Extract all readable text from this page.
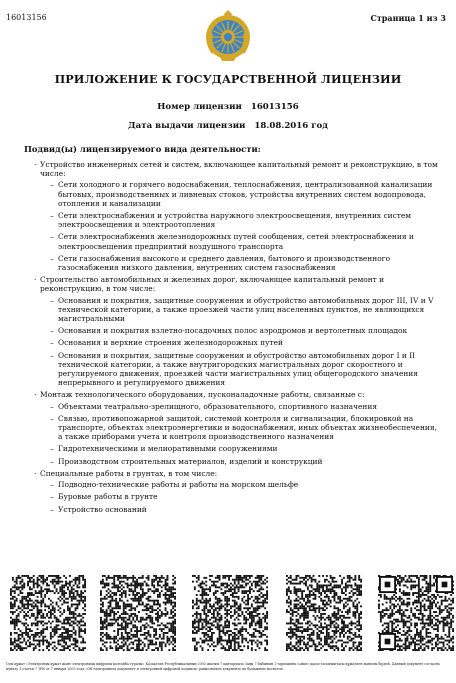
16013156	Страница 1 из 3
ПРИЛОЖЕНИЕ К ГОСУДАРСТВЕННОЙ ЛИЦЕНЗИИ
Номер лицензии 16013156
Дата выдачи лицензии 18.08.2016 год
Подвид(ы) лицензируемого вида деятельности:
· Устройство инженерных сетей и систем, включающее капитальный ремонт и реконструкцию, в том числе:
– Сети холодного и горячего водоснабжения, теплоснабжения, централизованной канализации бытовых, производственных и ливневых стоков, устройства внутренних систем водопровода, отопления и канализации
– Сети электроснабжения и устройства наружного электроосвещения, внутренних систем электроосвещения и электроотопления
– Сети электроснабжения железнодорожных путей сообщения, сетей электроснабжения и электроосвещения предприятий воздушного транспорта
– Сети газоснабжения высокого и среднего давления, бытового и производственного газоснабжения низкого давления, внутренних систем газоснабжения
· Строительство автомобильных и железных дорог, включающее капитальный ремонт и реконструкцию, в том числе:
– Основания и покрытия, защитные сооружения и обустройство автомобильных дорог III, IV и V технической категории, а также проезжей части улиц населенных пунктов, не являющихся магистральными
– Основания и покрытия взлетно-посадочных полос аэродромов и вертолетных площадок
– Основания и верхние строения железнодорожных путей
– Основания и покрытия, защитные сооружения и обустройство автомобильных дорог I и II технической категории, а также внутригородских магистральных дорог скоростного и регулируемого движения, проезжей части магистральных улиц общегородского значения непрерывного и регулируемого движения
· Монтаж технологического оборудования, пусконаладочные работы, связанные с:
– Объектами театрально-зрелищного, образовательного, спортивного назначения
– Связью, противопожарной защитой, системой контроля и сигнализации, блокировкой на транспорте, объектах электроэнергетики и водоснабжения, иных объектах жизнеобеспечения, а также приборами учета и контроля производственного назначения
– Гидротехническими и мелиоративными сооружениями
– Производством строительных материалов, изделий и конструкций
· Специальные работы в грунтах, в том числе:
– Подводно-технические работы и работы на морском шельфе
– Буровые работы в грунте
– Устройство оснований
Осы құжат «Электронды құжат және электрондық цифрлық қолтаңба туралы» Қазақстан Республикасының 2003 жылғы 7 қаңтардағы Заңы 7 бабының 1 тармағына сәйкес қағаз тасығыштағы құжатпен маңызы бірдей. Данный документ согласно пункту 1 статьи 7 ЗРК от 7 января 2003 года «Об электронном документе и электронной цифровой подписи» равнозначен документу на бумажном носителе.
